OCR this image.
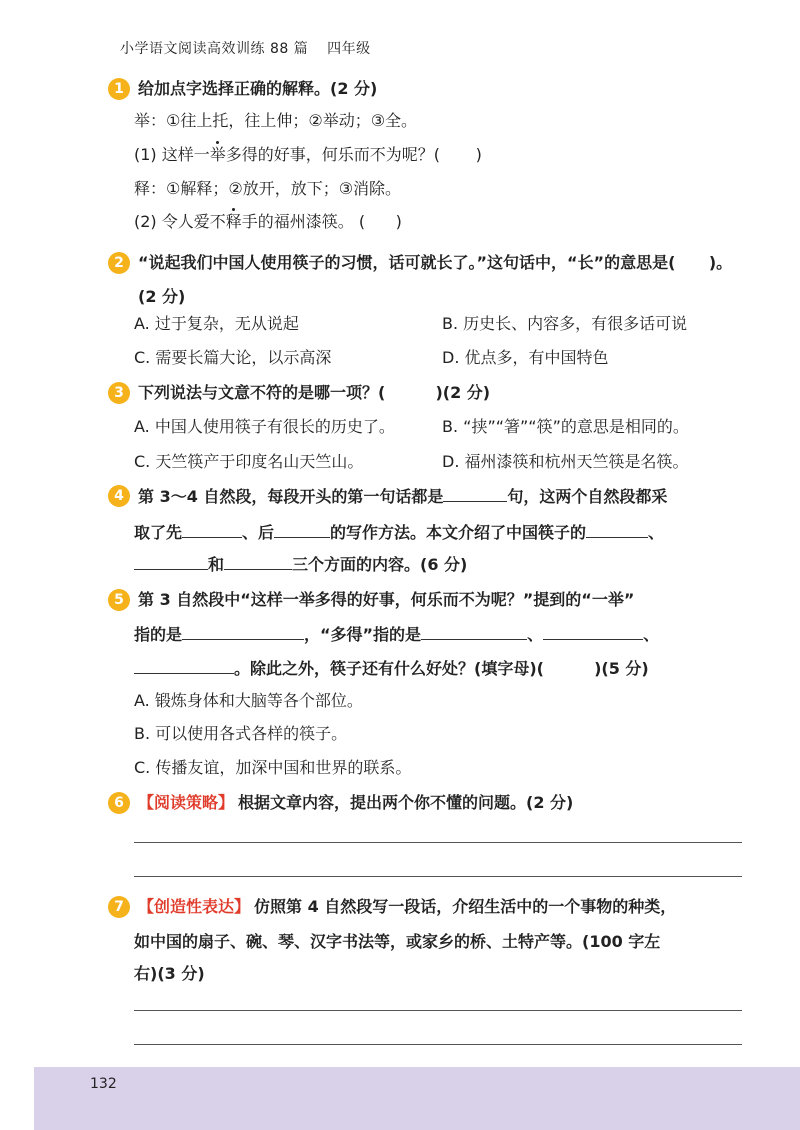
小学语文阅读高效训练 88 篇 四年级
1 给加点字选择正确的解释。(2 分)
举：①往上托，往上伸；②举动；③全。
(1) 这样一举多得的好事，何乐而不为呢？(       )
释：①解释；②放开，放下；③消除。
(2) 令人爱不释手的福州漆筷。 (      )
2 “说起我们中国人使用筷子的习惯，话可就长了。”这句话中，“长”的意思是( )。(2 分)
A. 过于复杂，无从说起	B. 历史长、内容多，有很多话可说
C. 需要长篇大论，以示高深	D. 优点多，有中国特色
3 下列说法与文意不符的是哪一项？(	)(2 分)
A. 中国人使用筷子有很长的历史了。	B. “挟”“箸”“筷”的意思是相同的。
C. 天竺筷产于印度名山天竺山。	D. 福州漆筷和杭州天竺筷是名筷。
4 第 3～4 自然段，每段开头的第一句话都是	句，这两个自然段都采
取了先	、后	的写作方法。本文介绍了中国筷子的	、
和	三个方面的内容。(6 分)
5 第 3 自然段中“这样一举多得的好事，何乐而不为呢？”提到的“一举”
指的是	，“多得”指的是	、	、
。除此之外，筷子还有什么好处？(填字母)(	)(5 分)
A. 锻炼身体和大脑等各个部位。
B. 可以使用各式各样的筷子。
C. 传播友谊，加深中国和世界的联系。
6 【阅读策略】 根据文章内容，提出两个你不懂的问题。(2 分)
7 【创造性表达】 仿照第 4 自然段写一段话，介绍生活中的一个事物的种类，
如中国的扇子、碗、琴、汉字书法等，或家乡的桥、土特产等。(100 字左
右)(3 分)
132
